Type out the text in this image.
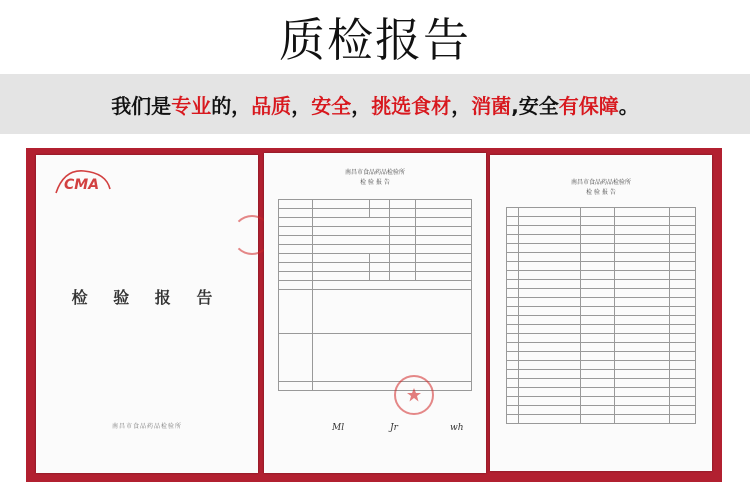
质检报告
我们是专业的，品质，安全，挑选食材，消菌,安全有保障。
CMA
检 验 报 告
南昌市食品药品检验所
南昌市食品药品检验所
检 验 报 告

Ml	Jr	wh
南昌市食品药品检验所
检 验 报 告
